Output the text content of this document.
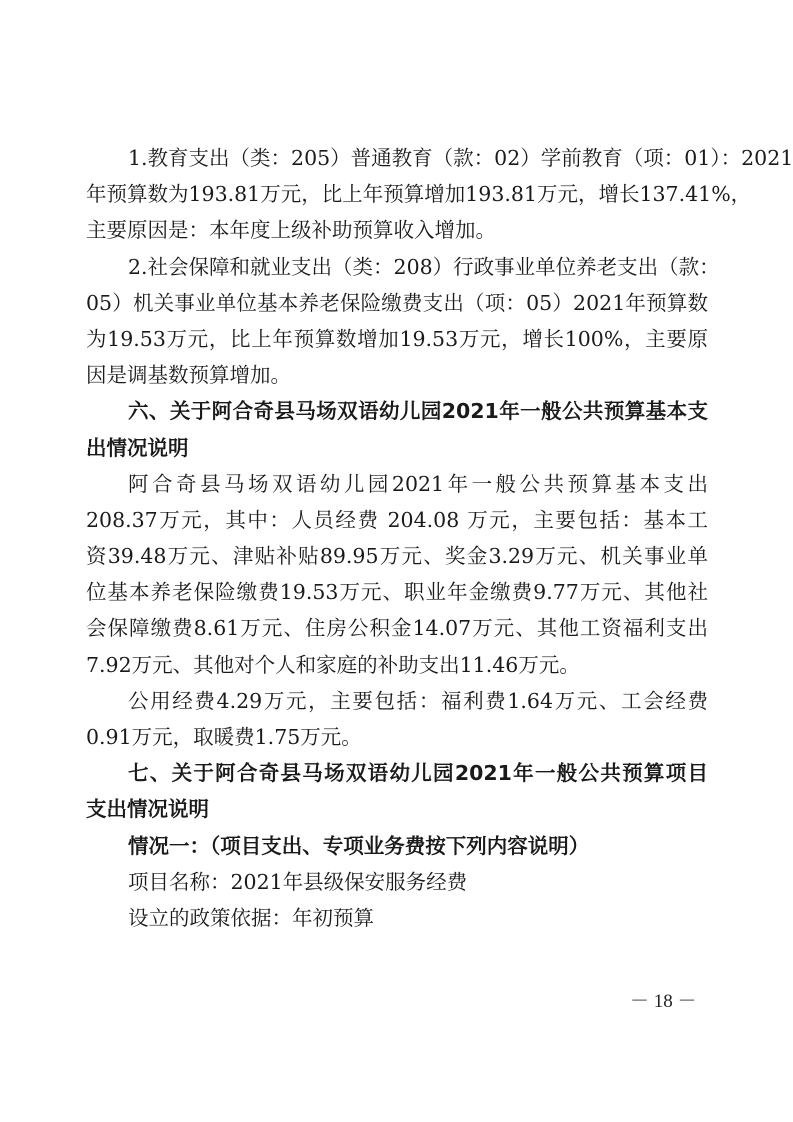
1.教育支出（类：205）普通教育（款：02）学前教育（项：01）：2021
年预算数为193.81万元，比上年预算增加193.81万元，增长137.41%，
主要原因是：本年度上级补助预算收入增加。
2.社会保障和就业支出（类：208）行政事业单位养老支出（款：
05）机关事业单位基本养老保险缴费支出（项：05）2021年预算数
为19.53万元，比上年预算数增加19.53万元，增长100%，主要原
因是调基数预算增加。
六、关于阿合奇县马场双语幼儿园2021年一般公共预算基本支
出情况说明
阿合奇县马场双语幼儿园2021年一般公共预算基本支出
208.37万元，其中：人员经费 204.08 万元，主要包括：基本工
资39.48万元、津贴补贴89.95万元、奖金3.29万元、机关事业单
位基本养老保险缴费19.53万元、职业年金缴费9.77万元、其他社
会保障缴费8.61万元、住房公积金14.07万元、其他工资福利支出
7.92万元、其他对个人和家庭的补助支出11.46万元。
公用经费4.29万元，主要包括：福利费1.64万元、工会经费
0.91万元，取暖费1.75万元。
七、关于阿合奇县马场双语幼儿园2021年一般公共预算项目
支出情况说明
情况一：（项目支出、专项业务费按下列内容说明）
项目名称：2021年县级保安服务经费
设立的政策依据：年初预算
－ 18 －
